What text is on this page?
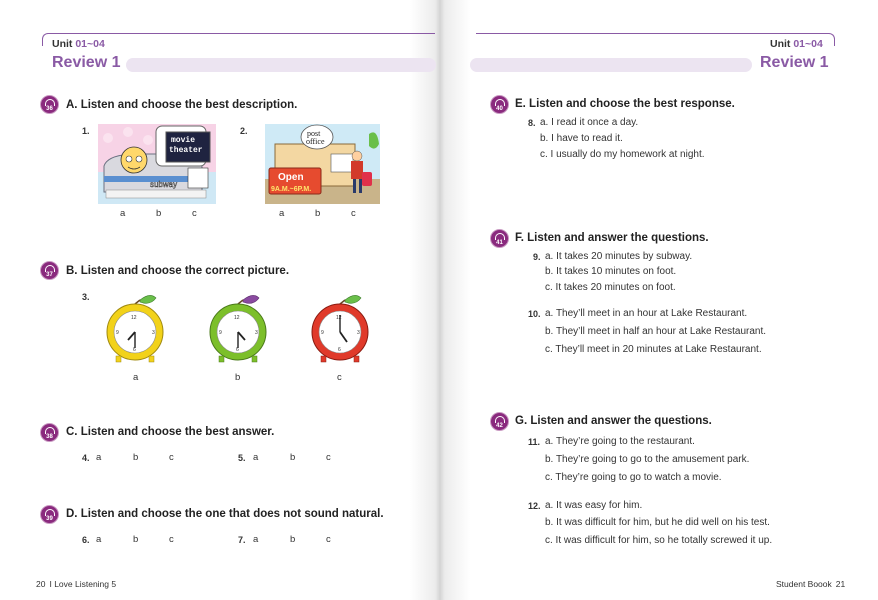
Unit 01~04
Review 1
36	A. Listen and choose the best description.
1.
movie
theater
subway
a	b	c
2.	post
office
Open
9A.M.~6P.M.
a	b	c
37	B. Listen and choose the correct picture.
3.
12
3
6
9
a
12
3
6
9
b
12
3
6
9
c
38	C. Listen and choose the best answer.
4. a	b	c	5. a	b	c
39	D. Listen and choose the one that does not sound natural.
6. a	b	c	7. a	b	c
20 I Love Listening 5
Unit 01~04
Review 1
40	E. Listen and choose the best response.
8. a. I read it once a day.
b. I have to read it.
c. I usually do my homework at night.
41	F. Listen and answer the questions.
9. a. It takes 20 minutes by subway.
b. It takes 10 minutes on foot.
c. It takes 20 minutes on foot.
10. a. They’ll meet in an hour at Lake Restaurant.
b. They’ll meet in half an hour at Lake Restaurant.
c. They’ll meet in 20 minutes at Lake Restaurant.
42	G. Listen and answer the questions.
11. a. They’re going to the restaurant.
b. They’re going to go to the amusement park.
c. They’re going to go to watch a movie.
12. a. It was easy for him.
b. It was difficult for him, but he did well on his test.
c. It was difficult for him, so he totally screwed it up.
Student Boook 21
